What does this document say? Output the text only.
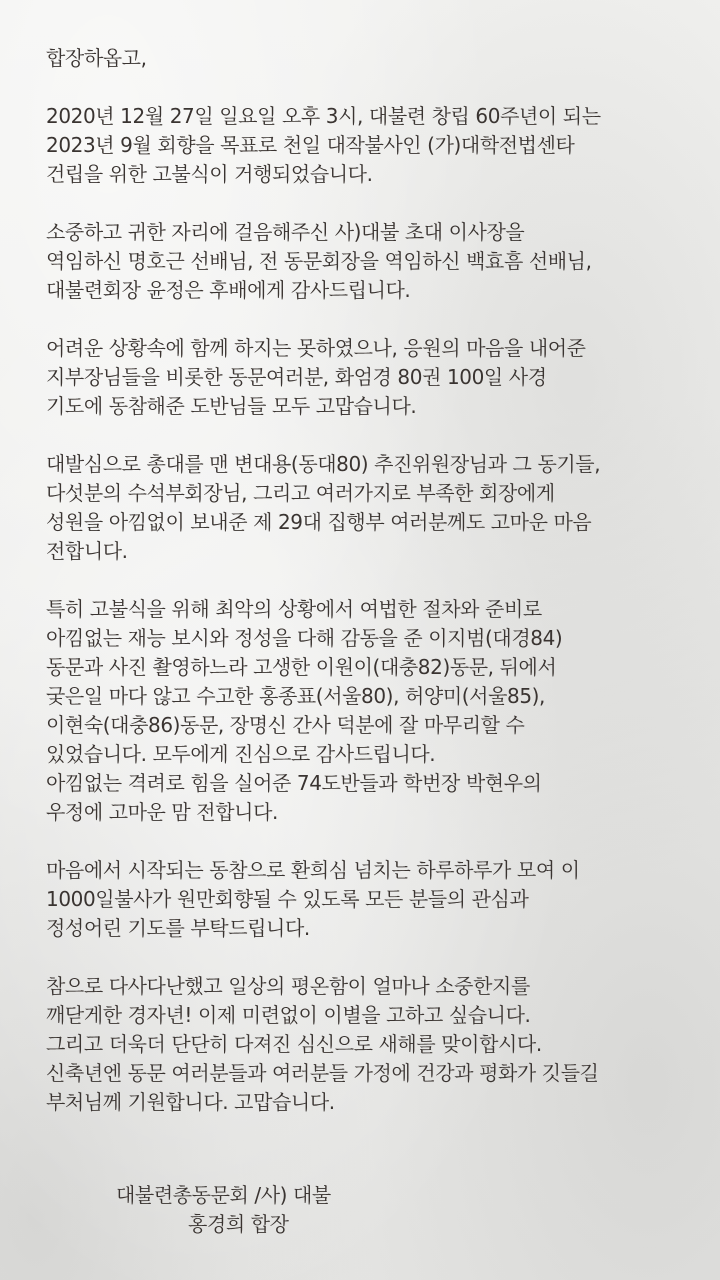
합장하옵고,

2020년 12월 27일 일요일 오후 3시, 대불련 창립 60주년이 되는
2023년 9월 회향을 목표로 천일 대작불사인 (가)대학전법센타
건립을 위한 고불식이 거행되었습니다.

소중하고 귀한 자리에 걸음해주신 사)대불 초대 이사장을
역임하신 명호근 선배님, 전 동문회장을 역임하신 백효흠 선배님,
대불련회장 윤정은 후배에게 감사드립니다.

어려운 상황속에 함께 하지는 못하였으나, 응원의 마음을 내어준
지부장님들을 비롯한 동문여러분, 화엄경 80권 100일 사경
기도에 동참해준 도반님들 모두 고맙습니다.

대발심으로 총대를 맨 변대용(동대80) 추진위원장님과 그 동기들,
다섯분의 수석부회장님, 그리고 여러가지로 부족한 회장에게
성원을 아낌없이 보내준 제 29대 집행부 여러분께도 고마운 마음
전합니다.

특히 고불식을 위해 최악의 상황에서 여법한 절차와 준비로
아낌없는 재능 보시와 정성을 다해 감동을 준 이지범(대경84)
동문과 사진 촬영하느라 고생한 이원이(대충82)동문, 뒤에서
궂은일 마다 않고 수고한 홍종표(서울80), 허양미(서울85),
이현숙(대충86)동문, 장명신 간사 덕분에 잘 마무리할 수
있었습니다. 모두에게 진심으로 감사드립니다.
아낌없는 격려로 힘을 실어준 74도반들과 학번장 박현우의
우정에 고마운 맘 전합니다.

마음에서 시작되는 동참으로 환희심 넘치는 하루하루가 모여 이
1000일불사가 원만회향될 수 있도록 모든 분들의 관심과
정성어린 기도를 부탁드립니다.

참으로 다사다난했고 일상의 평온함이 얼마나 소중한지를
깨닫게한 경자년! 이제 미련없이 이별을 고하고 싶습니다.
그리고 더욱더 단단히 다져진 심신으로 새해를 맞이합시다.
신축년엔 동문 여러분들과 여러분들 가정에 건강과 평화가 깃들길
부처님께 기원합니다. 고맙습니다.

대불련총동문회 /사) 대불
홍경희 합장
